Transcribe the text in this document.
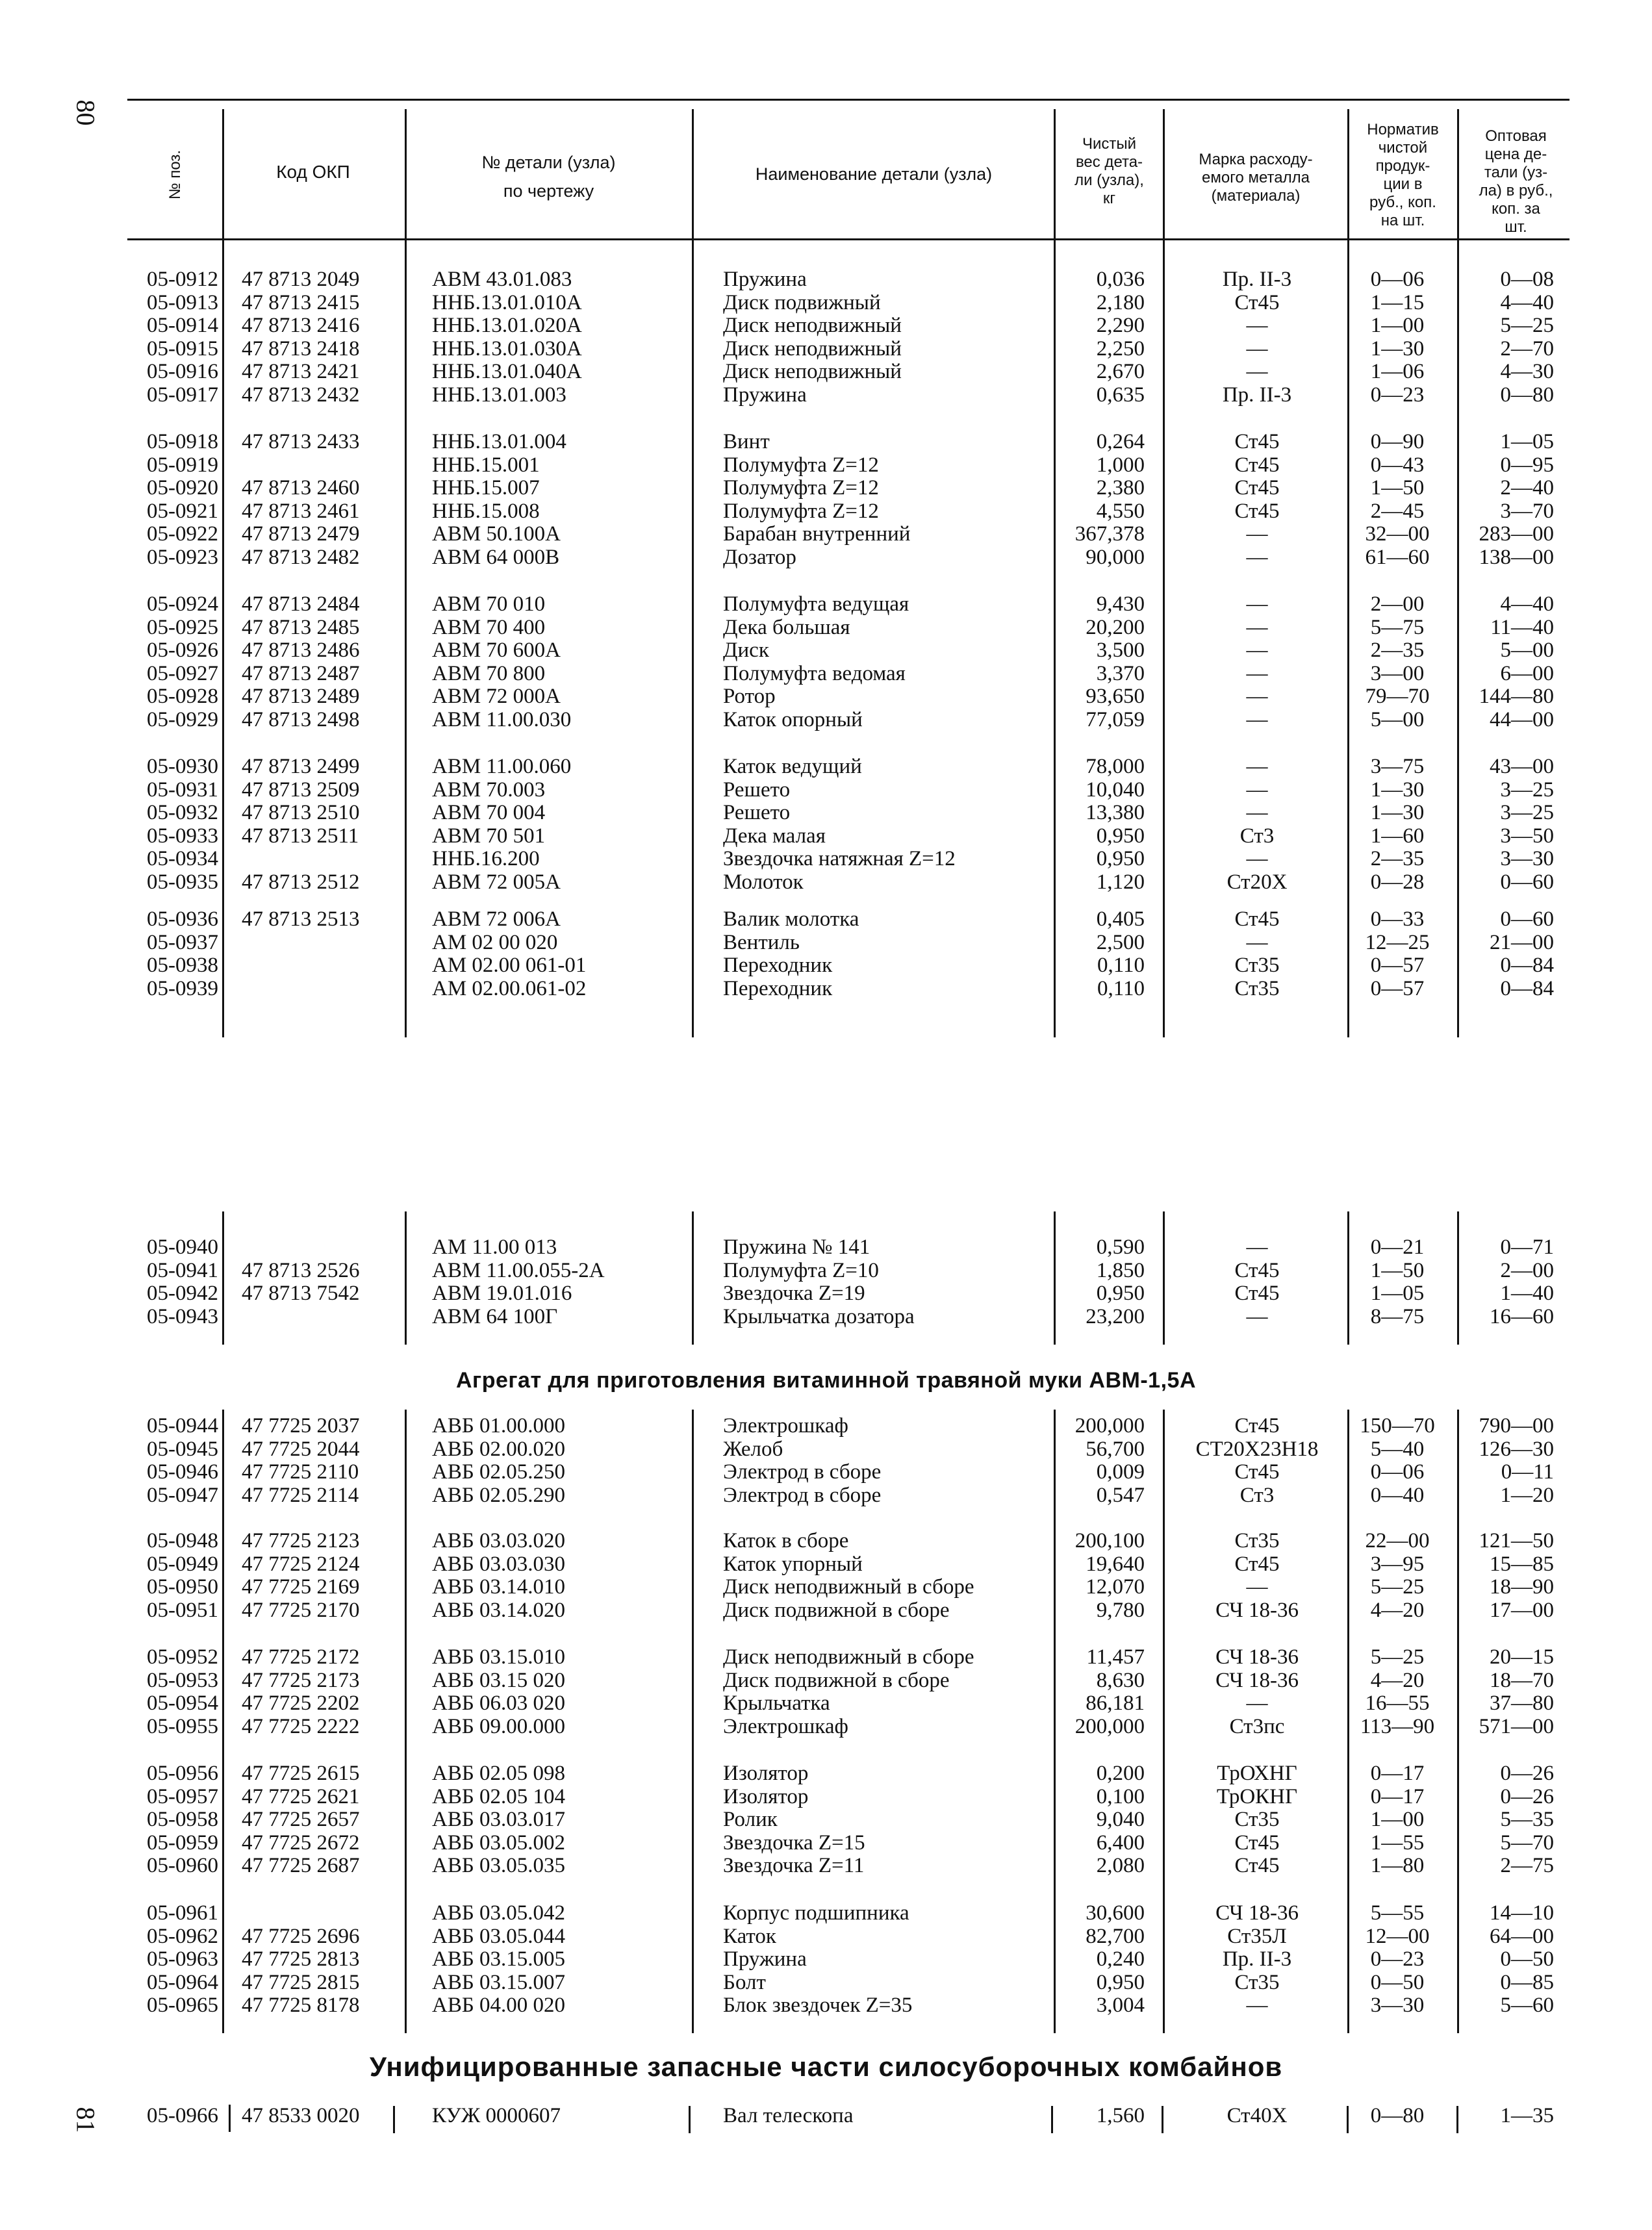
80
81
№ поз.	Код ОКП	№ детали (узла)
по чертежу
Наименование детали (узла)
Чистый
вес дета-
ли (узла),
кг
Марка расходу-
емого металла
(материала)
Норматив
чистой
продук-
ции в
руб., коп.
на шт.
Оптовая
цена де-
тали (уз-
ла) в руб.,
коп. за
шт.
Агрегат для приготовления витаминной травяной муки АВМ-1,5А
Унифицированные запасные части силосуборочных комбайнов
05-0912 47 8713 2049	АВМ 43.01.083	Пружина	0,036	Пр. II-3	0—06	0—08
05-0913 47 8713 2415	ННБ.13.01.010А	Диск подвижный	2,180	Ст45	1—15	4—40
05-0914 47 8713 2416	ННБ.13.01.020А	Диск неподвижный	2,290	—	1—00	5—25
05-0915 47 8713 2418	ННБ.13.01.030А	Диск неподвижный	2,250	—	1—30	2—70
05-0916 47 8713 2421	ННБ.13.01.040А	Диск неподвижный	2,670	—	1—06	4—30
05-0917 47 8713 2432	ННБ.13.01.003	Пружина	0,635	Пр. II-3	0—23	0—80
05-0918 47 8713 2433	ННБ.13.01.004	Винт	0,264	Ст45	0—90	1—05
05-0919	ННБ.15.001	Полумуфта Z=12	1,000	Ст45	0—43	0—95
05-0920 47 8713 2460	ННБ.15.007	Полумуфта Z=12	2,380	Ст45	1—50	2—40
05-0921 47 8713 2461	ННБ.15.008	Полумуфта Z=12	4,550	Ст45	2—45	3—70
05-0922 47 8713 2479	АВМ 50.100А	Барабан внутренний	367,378	—	32—00	283—00
05-0923 47 8713 2482	АВМ 64 000В	Дозатор	90,000	—	61—60	138—00
05-0924 47 8713 2484	АВМ 70 010	Полумуфта ведущая	9,430	—	2—00	4—40
05-0925 47 8713 2485	АВМ 70 400	Дека большая	20,200	—	5—75	11—40
05-0926 47 8713 2486	АВМ 70 600А	Диск	3,500	—	2—35	5—00
05-0927 47 8713 2487	АВМ 70 800	Полумуфта ведомая	3,370	—	3—00	6—00
05-0928 47 8713 2489	АВМ 72 000А	Ротор	93,650	—	79—70	144—80
05-0929 47 8713 2498	АВМ 11.00.030	Каток опорный	77,059	—	5—00	44—00
05-0930 47 8713 2499	АВМ 11.00.060	Каток ведущий	78,000	—	3—75	43—00
05-0931 47 8713 2509	АВМ 70.003	Решето	10,040	—	1—30	3—25
05-0932 47 8713 2510	АВМ 70 004	Решето	13,380	—	1—30	3—25
05-0933 47 8713 2511	АВМ 70 501	Дека малая	0,950	Ст3	1—60	3—50
05-0934	ННБ.16.200	Звездочка натяжная Z=12	0,950	—	2—35	3—30
05-0935 47 8713 2512	АВМ 72 005А	Молоток	1,120	Ст20Х	0—28	0—60
05-0936 47 8713 2513	АВМ 72 006А	Валик молотка	0,405	Ст45	0—33	0—60
05-0937	АМ 02 00 020	Вентиль	2,500	—	12—25	21—00
05-0938	АМ 02.00 061-01	Переходник	0,110	Ст35	0—57	0—84
05-0939	АМ 02.00.061-02	Переходник	0,110	Ст35	0—57	0—84
05-0940	АМ 11.00 013	Пружина № 141	0,590	—	0—21	0—71
05-0941 47 8713 2526	АВМ 11.00.055-2А	Полумуфта Z=10	1,850	Ст45	1—50	2—00
05-0942 47 8713 7542	АВМ 19.01.016	Звездочка Z=19	0,950	Ст45	1—05	1—40
05-0943	АВМ 64 100Г	Крыльчатка дозатора	23,200	—	8—75	16—60
05-0944 47 7725 2037	АВБ 01.00.000	Электрошкаф	200,000	Ст45	150—70	790—00
05-0945 47 7725 2044	АВБ 02.00.020	Желоб	56,700	СТ20Х23Н18	5—40	126—30
05-0946 47 7725 2110	АВБ 02.05.250	Электрод в сборе	0,009	Ст45	0—06	0—11
05-0947 47 7725 2114	АВБ 02.05.290	Электрод в сборе	0,547	Ст3	0—40	1—20
05-0948 47 7725 2123	АВБ 03.03.020	Каток в сборе	200,100	Ст35	22—00	121—50
05-0949 47 7725 2124	АВБ 03.03.030	Каток упорный	19,640	Ст45	3—95	15—85
05-0950 47 7725 2169	АВБ 03.14.010	Диск неподвижный в сборе	12,070	—	5—25	18—90
05-0951 47 7725 2170	АВБ 03.14.020	Диск подвижной в сборе	9,780	СЧ 18-36	4—20	17—00
05-0952 47 7725 2172	АВБ 03.15.010	Диск неподвижный в сборе	11,457	СЧ 18-36	5—25	20—15
05-0953 47 7725 2173	АВБ 03.15 020	Диск подвижной в сборе	8,630	СЧ 18-36	4—20	18—70
05-0954 47 7725 2202	АВБ 06.03 020	Крыльчатка	86,181	—	16—55	37—80
05-0955 47 7725 2222	АВБ 09.00.000	Электрошкаф	200,000	Ст3пс	113—90	571—00
05-0956 47 7725 2615	АВБ 02.05 098	Изолятор	0,200	ТрОХНГ	0—17	0—26
05-0957 47 7725 2621	АВБ 02.05 104	Изолятор	0,100	ТрОКНГ	0—17	0—26
05-0958 47 7725 2657	АВБ 03.03.017	Ролик	9,040	Ст35	1—00	5—35
05-0959 47 7725 2672	АВБ 03.05.002	Звездочка Z=15	6,400	Ст45	1—55	5—70
05-0960 47 7725 2687	АВБ 03.05.035	Звездочка Z=11	2,080	Ст45	1—80	2—75
05-0961	АВБ 03.05.042	Корпус подшипника	30,600	СЧ 18-36	5—55	14—10
05-0962 47 7725 2696	АВБ 03.05.044	Каток	82,700	Ст35Л	12—00	64—00
05-0963 47 7725 2813	АВБ 03.15.005	Пружина	0,240	Пр. II-3	0—23	0—50
05-0964 47 7725 2815	АВБ 03.15.007	Болт	0,950	Ст35	0—50	0—85
05-0965 47 7725 8178	АВБ 04.00 020	Блок звездочек Z=35	3,004	—	3—30	5—60
05-0966 47 8533 0020	КУЖ 0000607	Вал телескопа	1,560	Ст40Х	0—80	1—35
